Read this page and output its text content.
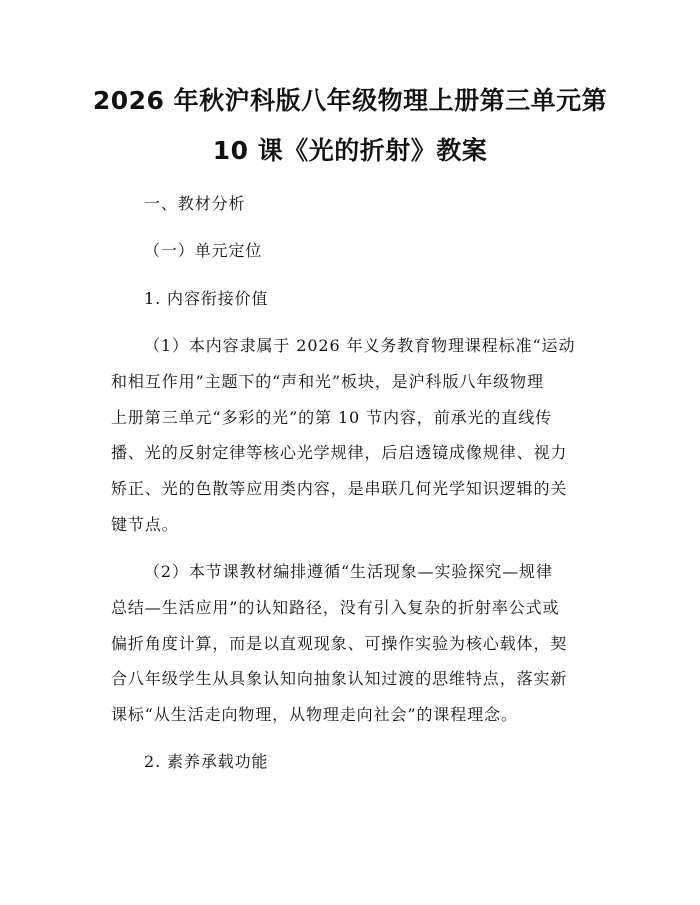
2026 年秋沪科版八年级物理上册第三单元第
10 课《光的折射》教案

一、教材分析

（一）单元定位

1. 内容衔接价值

（1）本内容隶属于 2026 年义务教育物理课程标准“运动

和相互作用”主题下的“声和光”板块，是沪科版八年级物理

上册第三单元“多彩的光”的第 10 节内容，前承光的直线传

播、光的反射定律等核心光学规律，后启透镜成像规律、视力

矫正、光的色散等应用类内容，是串联几何光学知识逻辑的关

键节点。

（2）本节课教材编排遵循“生活现象—实验探究—规律

总结—生活应用”的认知路径，没有引入复杂的折射率公式或

偏折角度计算，而是以直观现象、可操作实验为核心载体，契

合八年级学生从具象认知向抽象认知过渡的思维特点，落实新

课标“从生活走向物理，从物理走向社会”的课程理念。

2. 素养承载功能
